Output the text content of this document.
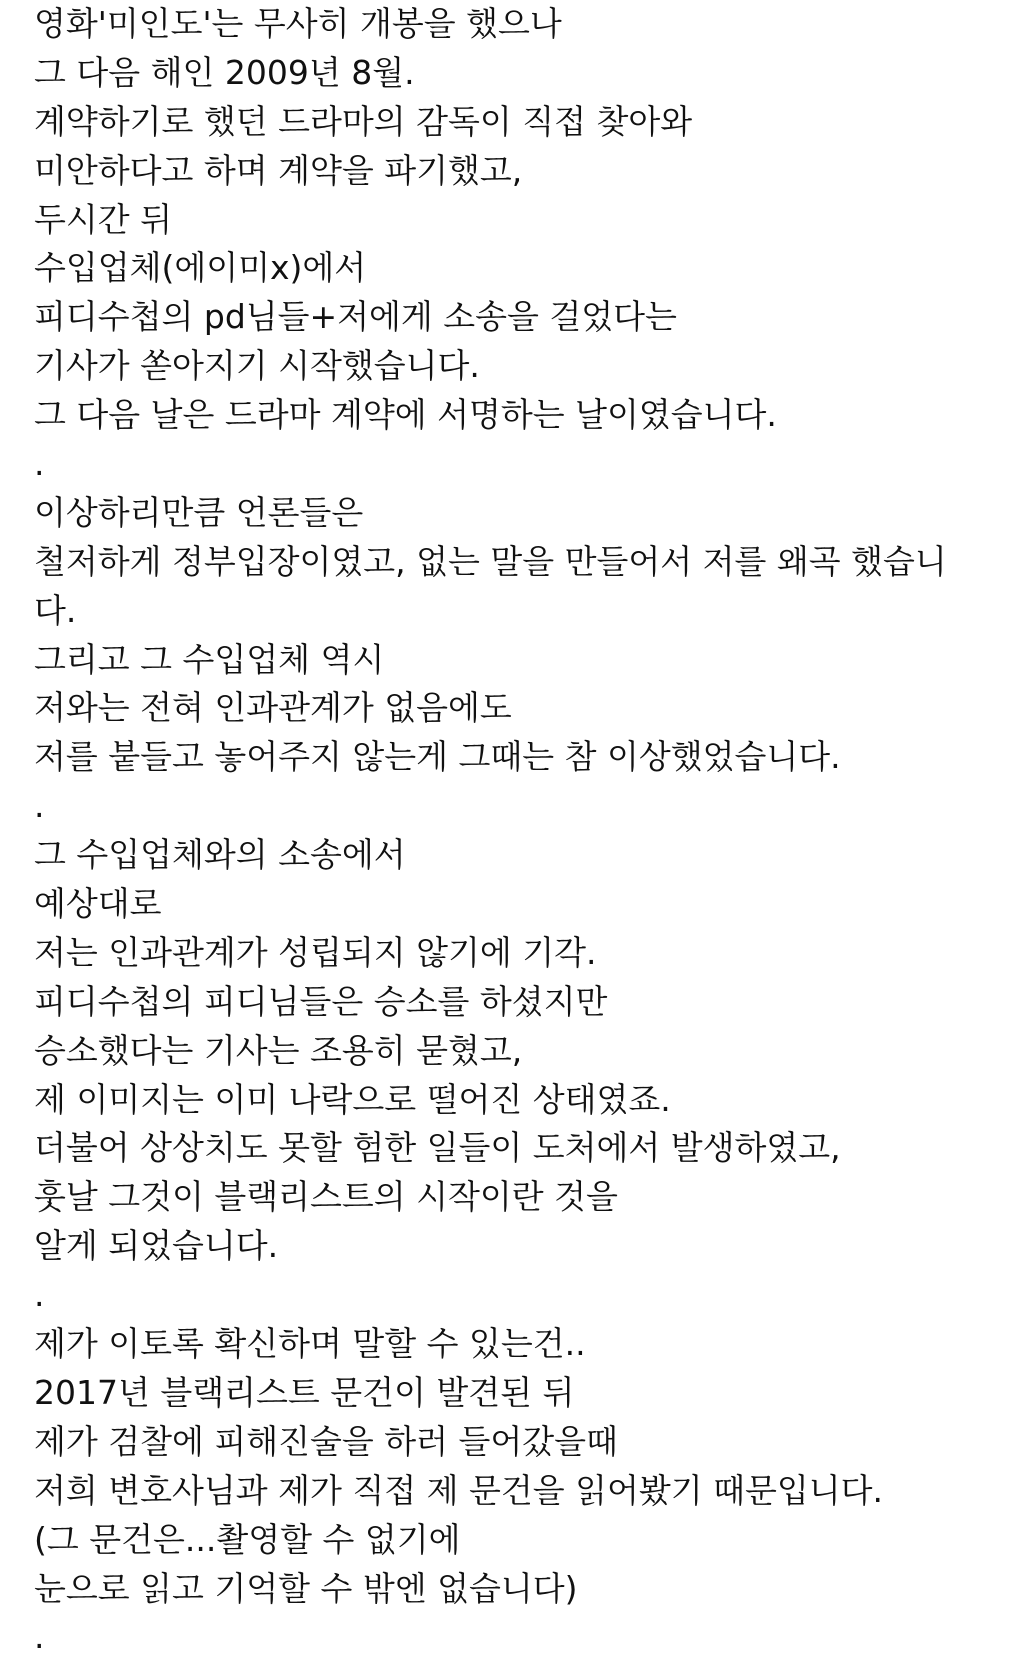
영화'미인도'는 무사히 개봉을 했으나
그 다음 해인 2009년 8월.
계약하기로 했던 드라마의 감독이 직접 찾아와
미안하다고 하며 계약을 파기했고,
두시간 뒤
수입업체(에이미x)에서
피디수첩의 pd님들+저에게 소송을 걸었다는
기사가 쏟아지기 시작했습니다.
그 다음 날은 드라마 계약에 서명하는 날이였습니다.
.
이상하리만큼 언론들은
철저하게 정부입장이였고, 없는 말을 만들어서 저를 왜곡 했습니
다.
그리고 그 수입업체 역시
저와는 전혀 인과관계가 없음에도
저를 붙들고 놓어주지 않는게 그때는 참 이상했었습니다.
.
그 수입업체와의 소송에서
예상대로
저는 인과관계가 성립되지 않기에 기각.
피디수첩의 피디님들은 승소를 하셨지만
승소했다는 기사는 조용히 묻혔고,
제 이미지는 이미 나락으로 떨어진 상태였죠.
더불어 상상치도 못할 험한 일들이 도처에서 발생하였고,
훗날 그것이 블랙리스트의 시작이란 것을
알게 되었습니다.
.
제가 이토록 확신하며 말할 수 있는건..
2017년 블랙리스트 문건이 발견된 뒤
제가 검찰에 피해진술을 하러 들어갔을때
저희 변호사님과 제가 직접 제 문건을 읽어봤기 때문입니다.
(그 문건은...촬영할 수 없기에
눈으로 읽고 기억할 수 밖엔 없습니다)
.
